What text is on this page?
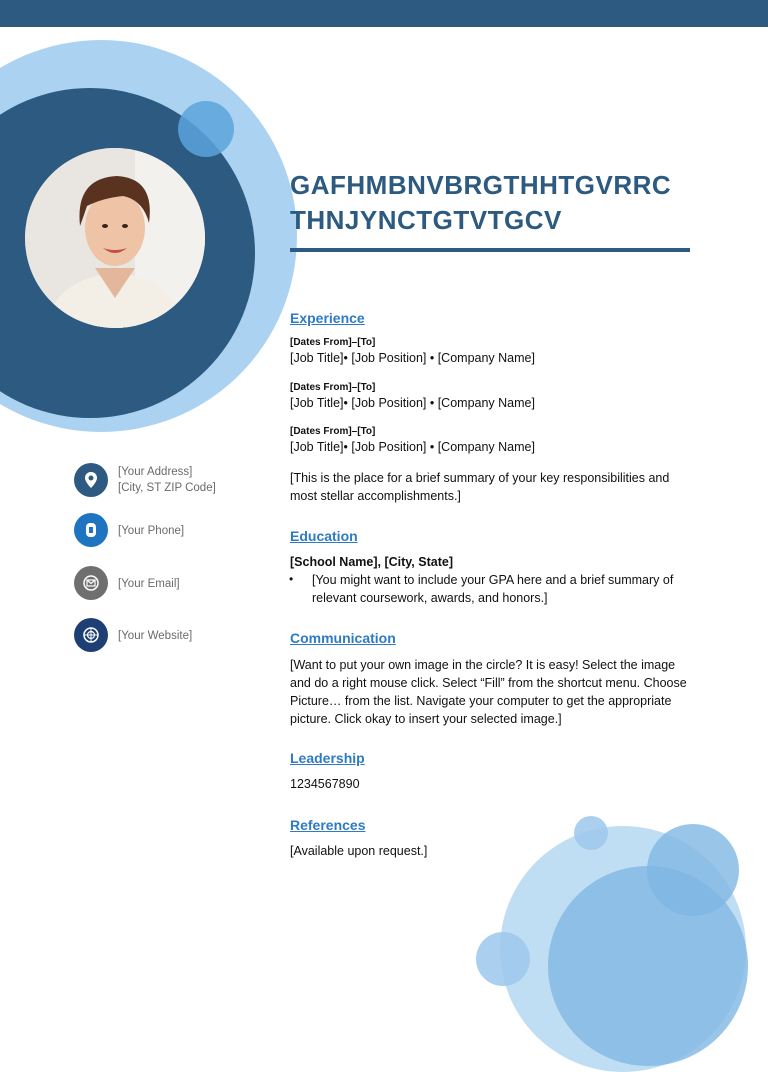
GAFHMBNVBRGTHHTGVRRC
THNJYNCTGTVTGCV
[Your Address]
[City, ST ZIP Code]
[Your Phone]
[Your Email]
[Your Website]
Experience
[Dates From]–[To]
[Job Title]• [Job Position] • [Company Name]
[Dates From]–[To]
[Job Title]• [Job Position] • [Company Name]
[Dates From]–[To]
[Job Title]• [Job Position] • [Company Name]
[This is the place for a brief summary of your key responsibilities and most stellar accomplishments.]
Education
[School Name], [City, State]
• [You might want to include your GPA here and a brief summary of relevant coursework, awards, and honors.]
Communication
[Want to put your own image in the circle? It is easy! Select the image and do a right mouse click. Select “Fill” from the shortcut menu. Choose Picture… from the list. Navigate your computer to get the appropriate picture. Click okay to insert your selected image.]
Leadership
1234567890
References
[Available upon request.]
